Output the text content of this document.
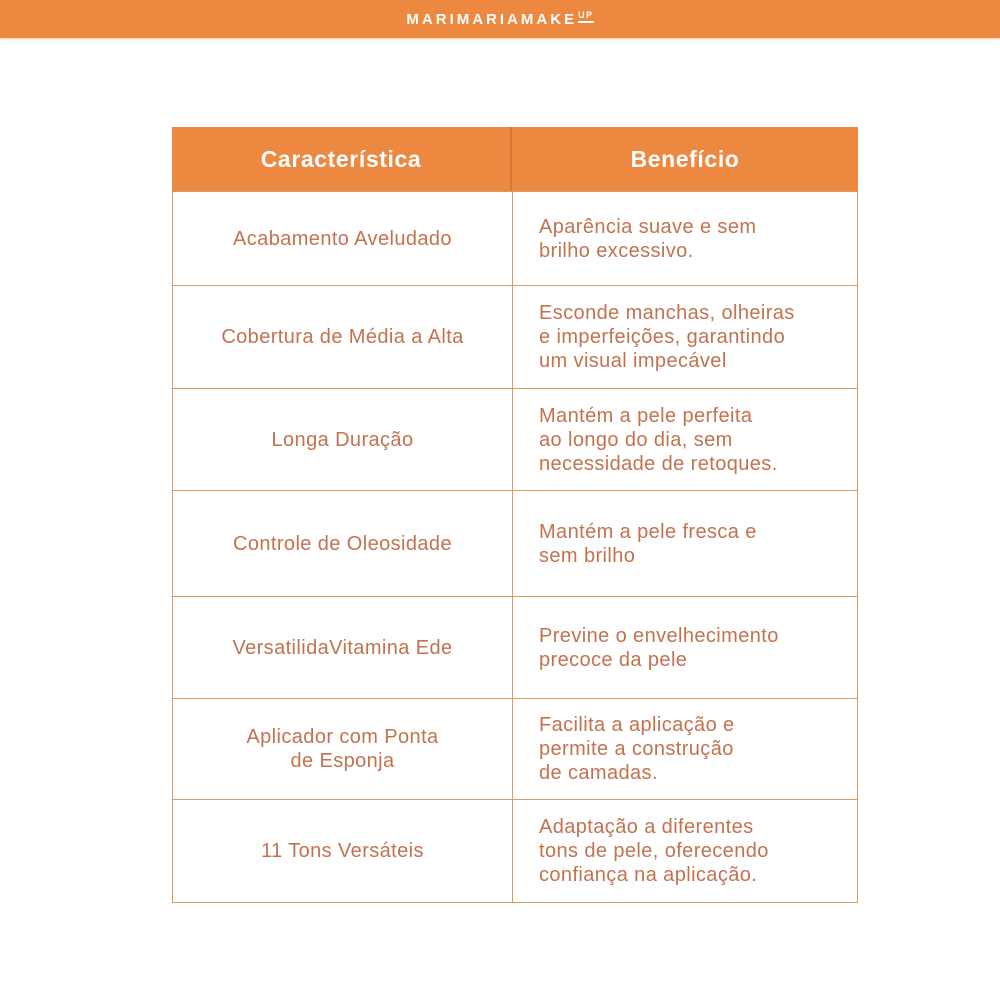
MARIMARIAMAKEUP
Característica	Benefício
Acabamento Aveludado
Aparência suave e sem
brilho excessivo.
Cobertura de Média a Alta
Esconde manchas, olheiras
e imperfeições, garantindo
um visual impecável
Longa Duração
Mantém a pele perfeita
ao longo do dia, sem
necessidade de retoques.
Controle de Oleosidade
Mantém a pele fresca e
sem brilho
VersatilidaVitamina Ede
Previne o envelhecimento
precoce da pele
Aplicador com Ponta
de Esponja
Facilita a aplicação e
permite a construção
de camadas.
11 Tons Versáteis
Adaptação a diferentes
tons de pele, oferecendo
confiança na aplicação.
